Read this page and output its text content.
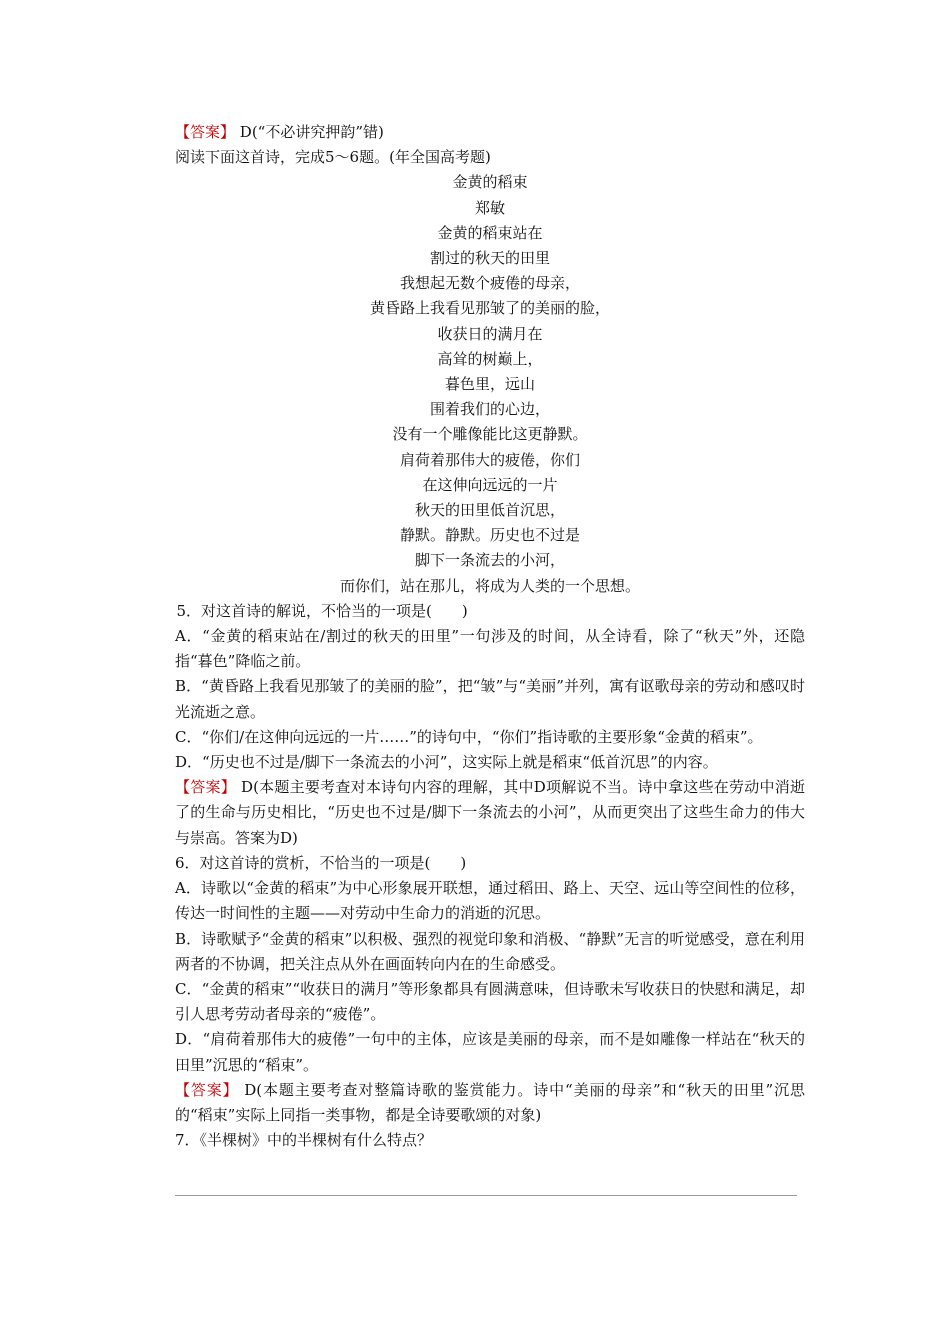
【答案】 D(“不必讲究押韵”错)
阅读下面这首诗，完成5～6题。(年全国高考题)
金黄的稻束
郑敏
金黄的稻束站在
割过的秋天的田里
我想起无数个疲倦的母亲，
黄昏路上我看见那皱了的美丽的脸，
收获日的满月在
高耸的树巅上，
暮色里，远山
围着我们的心边，
没有一个雕像能比这更静默。
肩荷着那伟大的疲倦，你们
在这伸向远远的一片
秋天的田里低首沉思，
静默。静默。历史也不过是
脚下一条流去的小河，
而你们，站在那儿，将成为人类的一个思想。
5．对这首诗的解说，不恰当的一项是(　　)
A．“金黄的稻束站在/割过的秋天的田里”一句涉及的时间，从全诗看，除了“秋天”外，还隐指“暮色”降临之前。
B．“黄昏路上我看见那皱了的美丽的脸”，把“皱”与“美丽”并列，寓有讴歌母亲的劳动和感叹时光流逝之意。
C．“你们/在这伸向远远的一片……”的诗句中，“你们”指诗歌的主要形象“金黄的稻束”。
D．“历史也不过是/脚下一条流去的小河”，这实际上就是稻束“低首沉思”的内容。
【答案】 D(本题主要考查对本诗句内容的理解，其中D项解说不当。诗中拿这些在劳动中消逝了的生命与历史相比，“历史也不过是/脚下一条流去的小河”，从而更突出了这些生命力的伟大与崇高。答案为D)
6．对这首诗的赏析，不恰当的一项是(　　)
A．诗歌以“金黄的稻束”为中心形象展开联想，通过稻田、路上、天空、远山等空间性的位移，传达一时间性的主题——对劳动中生命力的消逝的沉思。
B．诗歌赋予“金黄的稻束”以积极、强烈的视觉印象和消极、“静默”无言的听觉感受，意在利用两者的不协调，把关注点从外在画面转向内在的生命感受。
C．“金黄的稻束”“收获日的满月”等形象都具有圆满意味，但诗歌未写收获日的快慰和满足，却引人思考劳动者母亲的“疲倦”。
D．“肩荷着那伟大的疲倦”一句中的主体，应该是美丽的母亲，而不是如雕像一样站在“秋天的田里”沉思的“稻束”。
【答案】 D(本题主要考查对整篇诗歌的鉴赏能力。诗中“美丽的母亲”和“秋天的田里”沉思的“稻束”实际上同指一类事物，都是全诗要歌颂的对象)
7．《半棵树》中的半棵树有什么特点？
